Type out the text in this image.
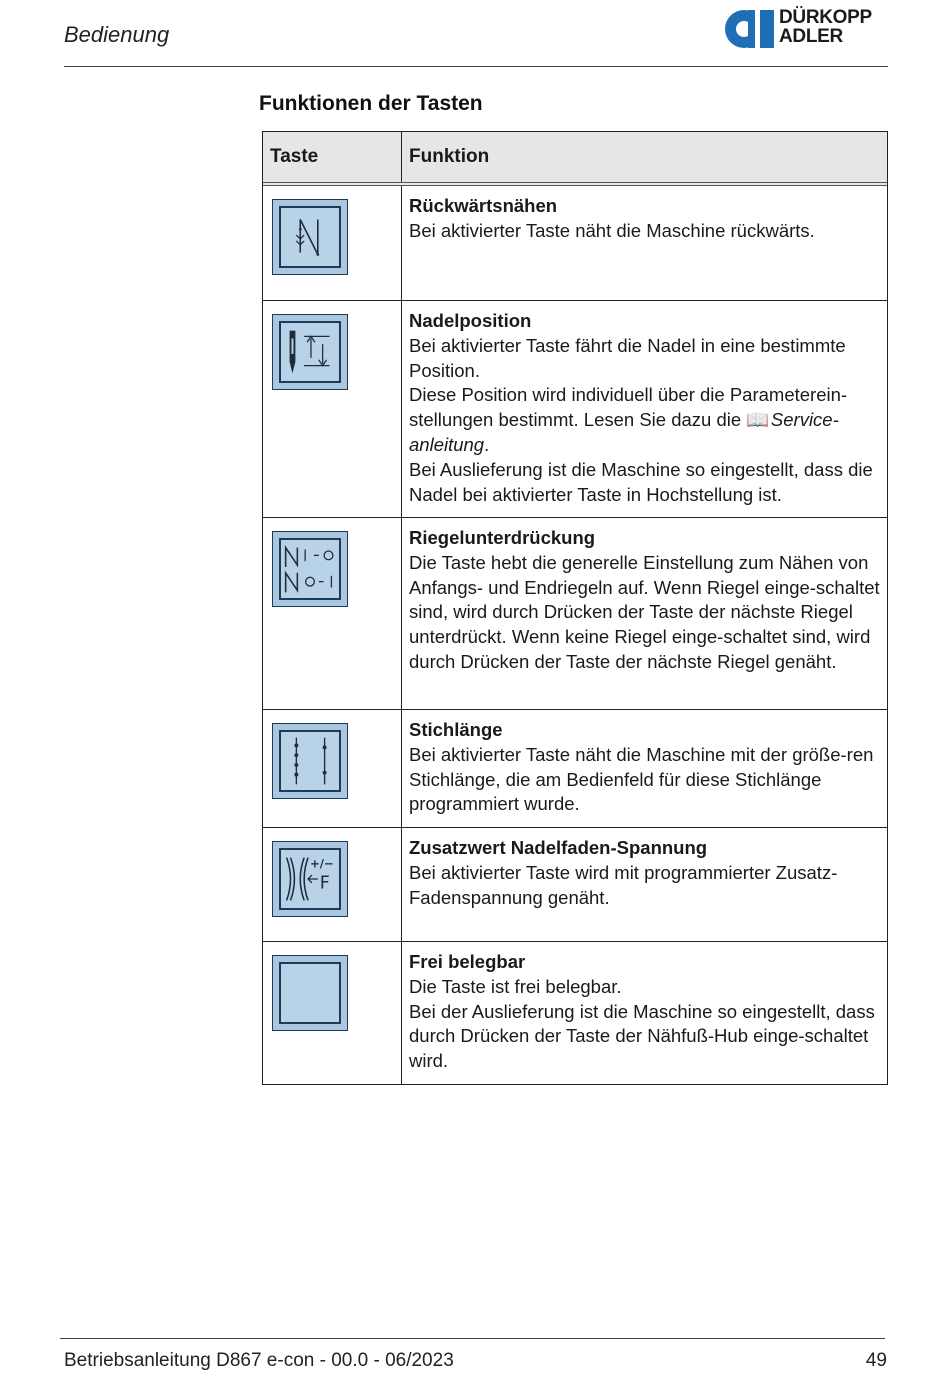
Bedienung
DÜRKOPP
ADLER
Funktionen der Tasten
Taste	Funktion
Rückwärtsnähen
Bei aktivierter Taste näht die Maschine rückwärts.
Nadelposition
Bei aktivierter Taste fährt die Nadel in eine bestimmte Position.
Diese Position wird individuell über die Parameterein-stellungen bestimmt. Lesen Sie dazu die 📖 Service-anleitung.
Bei Auslieferung ist die Maschine so eingestellt, dass die Nadel bei aktivierter Taste in Hochstellung ist.
Riegelunterdrückung
Die Taste hebt die generelle Einstellung zum Nähen von Anfangs- und Endriegeln auf. Wenn Riegel einge-schaltet sind, wird durch Drücken der Taste der nächste Riegel unterdrückt. Wenn keine Riegel einge-schaltet sind, wird durch Drücken der Taste der nächste Riegel genäht.
Stichlänge
Bei aktivierter Taste näht die Maschine mit der größe-ren Stichlänge, die am Bedienfeld für diese Stichlänge programmiert wurde.
+/−
F
Zusatzwert Nadelfaden-Spannung
Bei aktivierter Taste wird mit programmierter Zusatz-Fadenspannung genäht.
Frei belegbar
Die Taste ist frei belegbar.
Bei der Auslieferung ist die Maschine so eingestellt, dass durch Drücken der Taste der Nähfuß-Hub einge-schaltet wird.
Betriebsanleitung D867 e-con - 00.0 - 06/2023	49
